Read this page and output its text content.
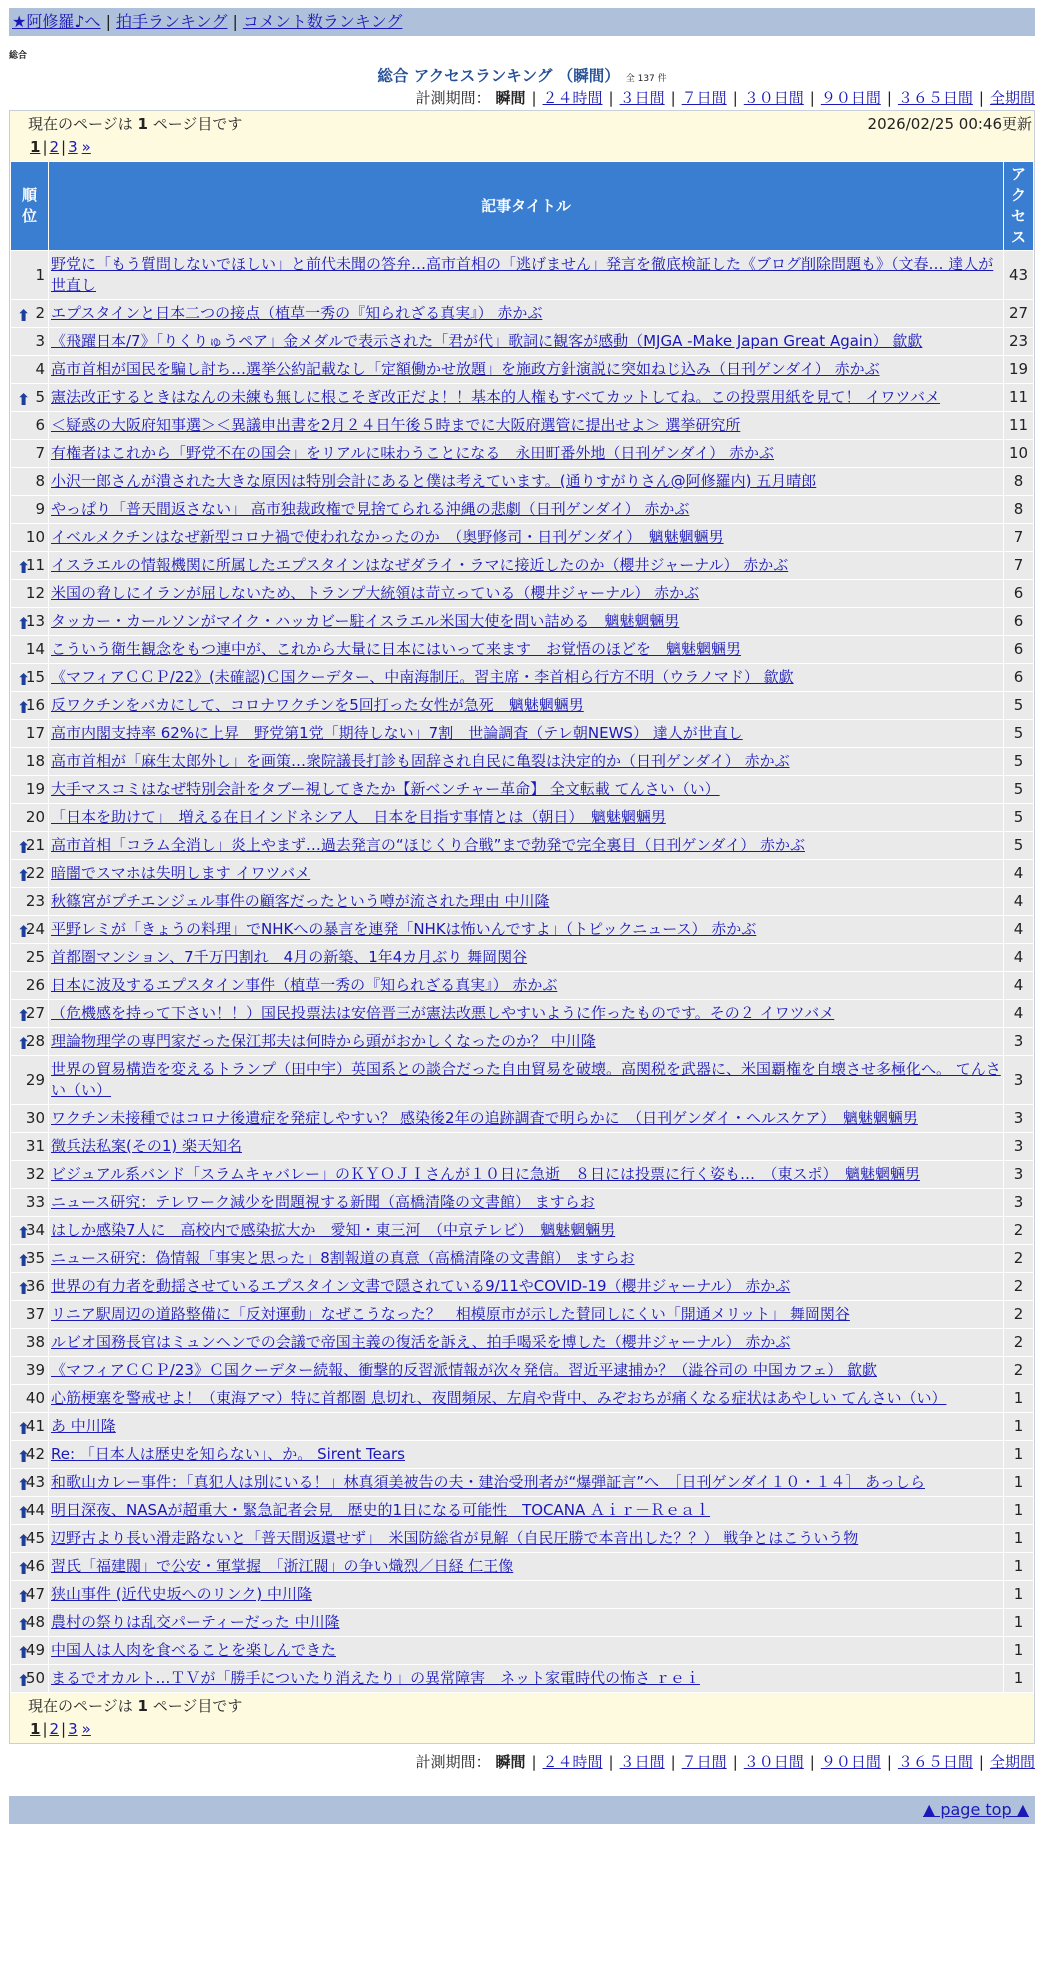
★阿修羅♪へ | 拍手ランキング | コメント数ランキング
総合
総合 アクセスランキング （瞬間） 全 137 件
計測期間： 瞬間 | ２４時間 | ３日間 | ７日間 | ３０日間 | ９０日間 | ３６５日間 | 全期間
現在のページは 1 ページ目です	2026/02/25 00:46更新
1 | 2 | 3 »
順位	記事タイトル	アクセス
1	野党に「もう質問しないでほしい」と前代未聞の答弁…高市首相の「逃げません」発言を徹底検証した《ブログ削除問題も》（文春… 達人が世直し	43

⬆ 2	エプスタインと日本二つの接点（植草一秀の『知られざる真実』） 赤かぶ	27
3	《飛躍日本/7》「りくりゅうペア」金メダルで表示された「君が代」歌詞に観客が感動（MJGA -Make Japan Great Again） 歙歔	23
4	高市首相が国民を騙し討ち…選挙公約記載なし「定額働かせ放題」を施政方針演説に突如ねじ込み（日刊ゲンダイ） 赤かぶ	19

⬆ 5	憲法改正するときはなんの未練も無しに根こそぎ改正だよ！！基本的人権もすべてカットしてね。この投票用紙を見て！ イワツバメ	11
6	＜疑惑の大阪府知事選＞＜異議申出書を2月２４日午後５時までに大阪府選管に提出せよ＞ 選挙研究所	11
7	有権者はこれから「野党不在の国会」をリアルに味わうことになる　永田町番外地（日刊ゲンダイ） 赤かぶ	10
8	小沢一郎さんが潰された大きな原因は特別会計にあると僕は考えています。(通りすがりさん@阿修羅内) 五月晴郎	8
9	やっぱり「普天間返さない」 高市独裁政権で見捨てられる沖縄の悲劇（日刊ゲンダイ） 赤かぶ	8
10	イベルメクチンはなぜ新型コロナ禍で使われなかったのか　（奥野修司・日刊ゲンダイ）　魑魅魍魎男	7

⬆
11	イスラエルの情報機関に所属したエプスタインはなぜダライ・ラマに接近したのか（櫻井ジャーナル） 赤かぶ	7
12	米国の脅しにイランが屈しないため、トランプ大統領は苛立っている（櫻井ジャーナル） 赤かぶ	6

⬆
13	タッカー・カールソンがマイク・ハッカビー駐イスラエル米国大使を問い詰める　魑魅魍魎男	6
14	こういう衛生観念をもつ連中が、これから大量に日本にはいって来ます　お覚悟のほどを　魑魅魍魎男	6

⬆
15	《マフィアＣＣＰ/22》(未確認)Ｃ国クーデター、中南海制圧。習主席・李首相ら行方不明（ウラノマド） 歙歔	6

⬆
16	反ワクチンをバカにして、コロナワクチンを5回打った女性が急死　魑魅魍魎男	5
17	高市内閣支持率 62%に上昇　野党第1党「期待しない」7割　世論調査（テレ朝NEWS） 達人が世直し	5
18	高市首相が「麻生太郎外し」を画策…衆院議長打診も固辞され自民に亀裂は決定的か（日刊ゲンダイ） 赤かぶ	5
19	大手マスコミはなぜ特別会計をタブー視してきたか【新ベンチャー革命】 全文転載 てんさい（い）	5
20	「日本を助けて」　増える在日インドネシア人　日本を目指す事情とは（朝日）　魑魅魍魎男	5

⬆
21	高市首相「コラム全消し」炎上やまず…過去発言の“ほじくり合戦”まで勃発で完全裏目（日刊ゲンダイ） 赤かぶ	5

⬆
22	暗闇でスマホは失明します イワツバメ	4
23	秋篠宮がプチエンジェル事件の顧客だったという噂が流された理由 中川隆	4

⬆
24	平野レミが「きょうの料理」でNHKへの暴言を連発「NHKは怖いんですよ」（トピックニュース） 赤かぶ	4
25	首都圏マンション、7千万円割れ　4月の新築、1年4カ月ぶり 舞岡関谷	4
26	日本に波及するエプスタイン事件（植草一秀の『知られざる真実』） 赤かぶ	4

⬆
27	（危機感を持って下さい！！）国民投票法は安倍晋三が憲法改悪しやすいように作ったものです。その２ イワツバメ	4

⬆
28	理論物理学の専門家だった保江邦夫は何時から頭がおかしくなったのか？ 中川隆	3
29	世界の貿易構造を変えるトランプ（田中宇）英国系との談合だった自由貿易を破壊。高関税を武器に、米国覇権を自壊させ多極化へ。 てんさい（い）	3
30	ワクチン未接種ではコロナ後遺症を発症しやすい？ 感染後2年の追跡調査で明らかに　（日刊ゲンダイ・ヘルスケア）　魑魅魍魎男	3
31	徴兵法私案(その1) 楽天知名	3
32	ビジュアル系バンド「スラムキャバレー」のＫＹＯＪＩさんが１０日に急逝　８日には投票に行く姿も…　（東スポ）　魑魅魍魎男	3
33	ニュース研究：テレワーク減少を問題視する新聞（高橋清隆の文書館） ますらお	3

⬆
34	はしか感染7人に　高校内で感染拡大か　愛知・東三河　（中京テレビ）　魑魅魍魎男	2

⬆
35	ニュース研究：偽情報「事実と思った」8割報道の真意（高橋清隆の文書館） ますらお	2

⬆
36	世界の有力者を動揺させているエプスタイン文書で隠されている9/11やCOVID-19（櫻井ジャーナル） 赤かぶ	2
37	リニア駅周辺の道路整備に「反対運動」なぜこうなった？　相模原市が示した賛同しにくい「開通メリット」 舞岡関谷	2
38	ルビオ国務長官はミュンヘンでの会議で帝国主義の復活を訴え、拍手喝采を博した（櫻井ジャーナル） 赤かぶ	2
39	《マフィアＣＣＰ/23》Ｃ国クーデター続報、衝撃的反習派情報が次々発信。習近平逮捕か？（澁谷司の 中国カフェ） 歙歔	2
40	心筋梗塞を警戒せよ！（東海アマ）特に首都圏 息切れ、夜間頻尿、左肩や背中、みぞおちが痛くなる症状はあやしい てんさい（い）	1

⬆
41	あ 中川隆	1

⬆
42	Re: 「日本人は歴史を知らない」、か。 Sirent Tears	1

⬆
43	和歌山カレー事件：「真犯人は別にいる！」林真須美被告の夫・建治受刑者が“爆弾証言”へ　［日刊ゲンダイ１０・１４］ あっしら	1

⬆
44	明日深夜、NASAが超重大・緊急記者会見　歴史的1日になる可能性　TOCANA Ａｉｒ－Ｒｅａｌ	1

⬆
45	辺野古より長い滑走路ないと「普天間返還せず」　米国防総省が見解（自民圧勝で本音出した？？） 戦争とはこういう物	1

⬆
46	習氏「福建閥」で公安・軍掌握　「浙江閥」の争い熾烈／日経 仁王像	1

⬆
47	狭山事件 (近代史坂へのリンク) 中川隆	1

⬆
48	農村の祭りは乱交パーティーだった 中川隆	1

⬆
49	中国人は人肉を食べることを楽しんできた	1

⬆
50	まるでオカルト…ＴＶが「勝手についたり消えたり」の異常障害　ネット家電時代の怖さ ｒｅｉ	1
現在のページは 1 ページ目です
1 | 2 | 3 »
計測期間： 瞬間 | ２４時間 | ３日間 | ７日間 | ３０日間 | ９０日間 | ３６５日間 | 全期間
▲ page top ▲
